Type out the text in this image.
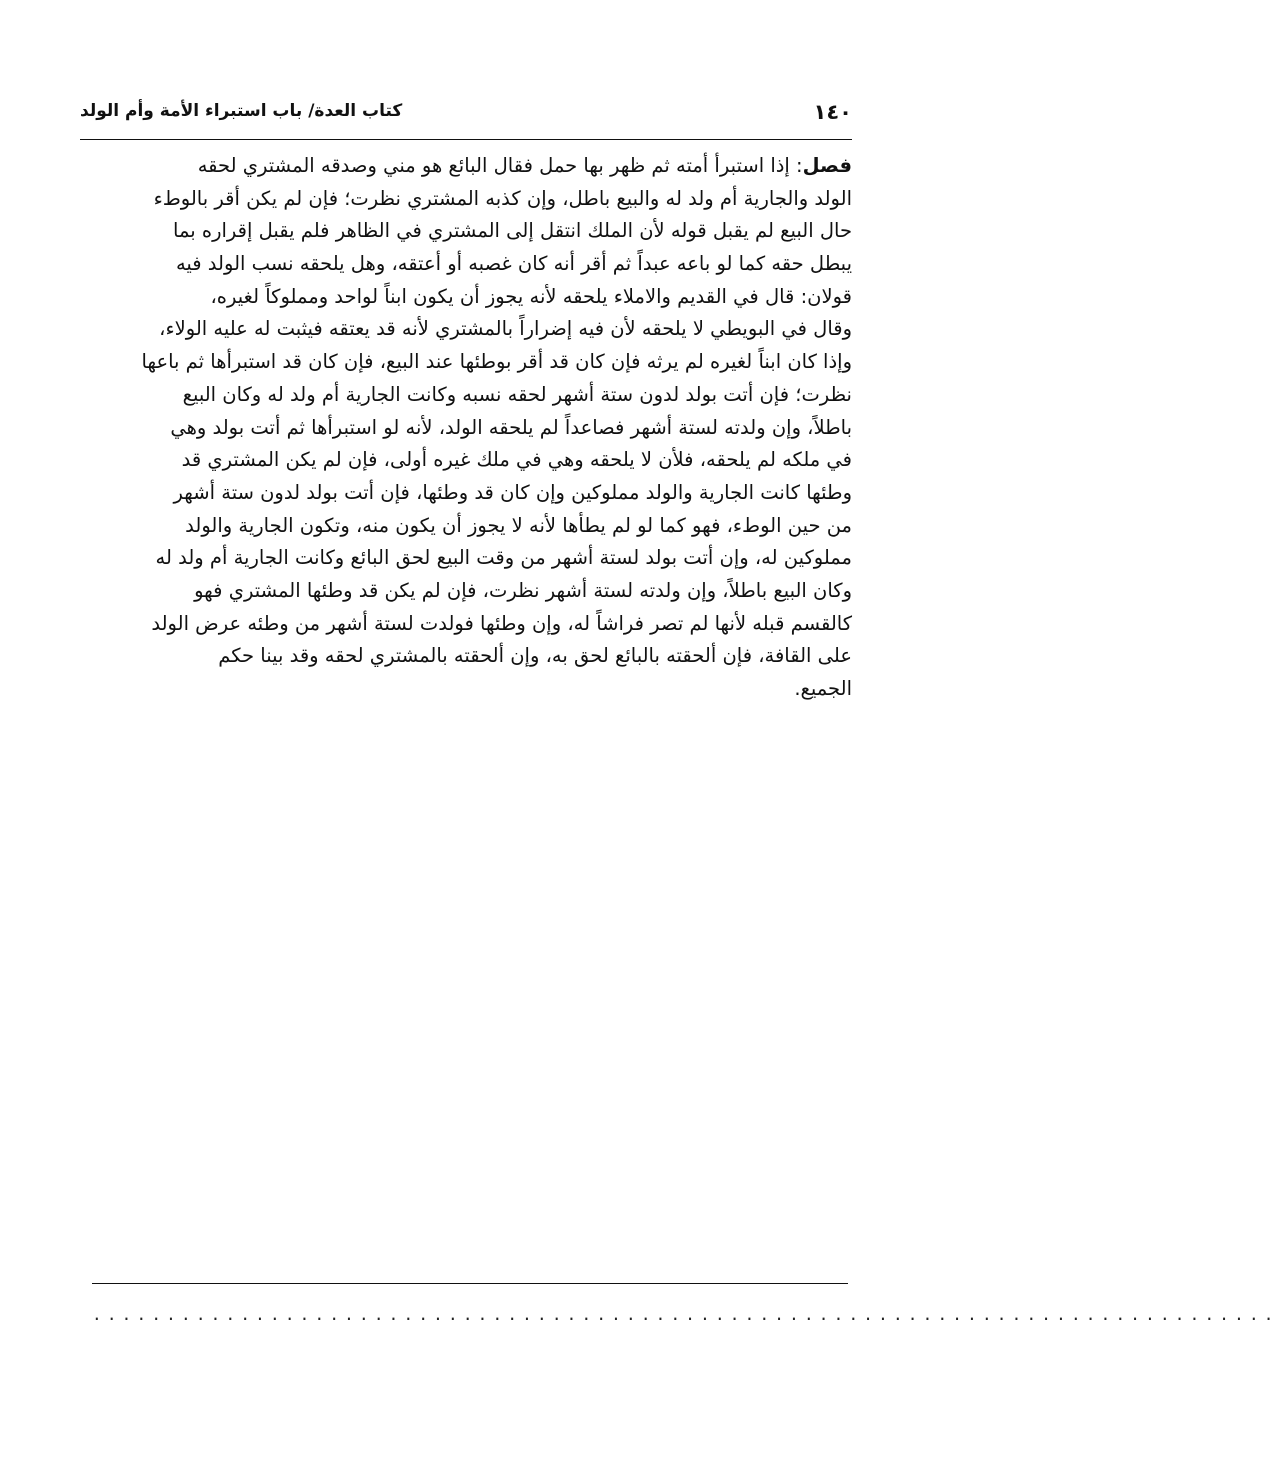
١٤٠
كتاب العدة/ باب استبراء الأمة وأم الولد
فصل: إذا استبرأ أمته ثم ظهر بها حمل فقال البائع هو مني وصدقه المشتري لحقه
الولد والجارية أم ولد له والبيع باطل، وإن كذبه المشتري نظرت؛ فإن لم يكن أقر بالوطء
حال البيع لم يقبل قوله لأن الملك انتقل إلى المشتري في الظاهر فلم يقبل إقراره بما
يبطل حقه كما لو باعه عبداً ثم أقر أنه كان غصبه أو أعتقه، وهل يلحقه نسب الولد فيه
قولان: قال في القديم والاملاء يلحقه لأنه يجوز أن يكون ابناً لواحد ومملوكاً لغيره،
وقال في البويطي لا يلحقه لأن فيه إضراراً بالمشتري لأنه قد يعتقه فيثبت له عليه الولاء،
وإذا كان ابناً لغيره لم يرثه فإن كان قد أقر بوطئها عند البيع، فإن كان قد استبرأها ثم باعها
نظرت؛ فإن أتت بولد لدون ستة أشهر لحقه نسبه وكانت الجارية أم ولد له وكان البيع
باطلاً، وإن ولدته لستة أشهر فصاعداً لم يلحقه الولد، لأنه لو استبرأها ثم أتت بولد وهي
في ملكه لم يلحقه، فلأن لا يلحقه وهي في ملك غيره أولى، فإن لم يكن المشتري قد
وطئها كانت الجارية والولد مملوكين وإن كان قد وطئها، فإن أتت بولد لدون ستة أشهر
من حين الوطء، فهو كما لو لم يطأها لأنه لا يجوز أن يكون منه، وتكون الجارية والولد
مملوكين له، وإن أتت بولد لستة أشهر من وقت البيع لحق البائع وكانت الجارية أم ولد له
وكان البيع باطلاً، وإن ولدته لستة أشهر نظرت، فإن لم يكن قد وطئها المشتري فهو
كالقسم قبله لأنها لم تصر فراشاً له، وإن وطئها فولدت لستة أشهر من وطئه عرض الولد
على القافة، فإن ألحقته بالبائع لحق به، وإن ألحقته بالمشتري لحقه وقد بينا حكم
الجميع.
................................................................................
